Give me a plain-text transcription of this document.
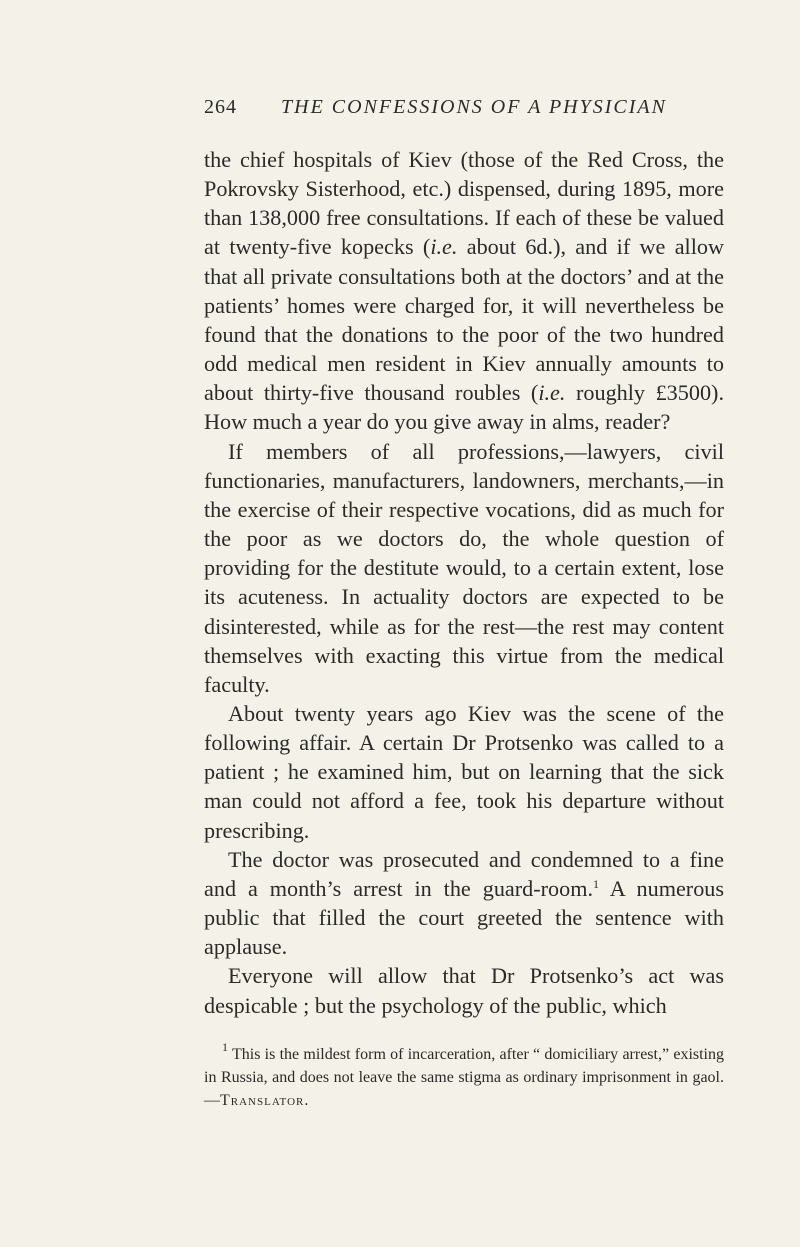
264 THE CONFESSIONS OF A PHYSICIAN

the chief hospitals of Kiev (those of the Red Cross, the Pokrovsky Sisterhood, etc.) dispensed, during 1895, more than 138,000 free consultations. If each of these be valued at twenty-five kopecks (i.e. about 6d.), and if we allow that all private consultations both at the doctors’ and at the patients’ homes were charged for, it will nevertheless be found that the donations to the poor of the two hundred odd medical men resident in Kiev annually amounts to about thirty-five thousand roubles (i.e. roughly £3500). How much a year do you give away in alms, reader?

If members of all professions,—lawyers, civil functionaries, manufacturers, landowners, merchants,—in the exercise of their respective vocations, did as much for the poor as we doctors do, the whole question of providing for the destitute would, to a certain extent, lose its acuteness. In actuality doctors are expected to be disinterested, while as for the rest—the rest may content themselves with exacting this virtue from the medical faculty.

About twenty years ago Kiev was the scene of the following affair. A certain Dr Protsenko was called to a patient ; he examined him, but on learning that the sick man could not afford a fee, took his departure without prescribing.

The doctor was prosecuted and condemned to a fine and a month’s arrest in the guard-room.$^1$ A numerous public that filled the court greeted the sentence with applause.

Everyone will allow that Dr Protsenko’s act was despicable ; but the psychology of the public, which

$^1$ This is the mildest form of incarceration, after “ domiciliary arrest,” existing in Russia, and does not leave the same stigma as ordinary imprisonment in gaol.—Translator.
